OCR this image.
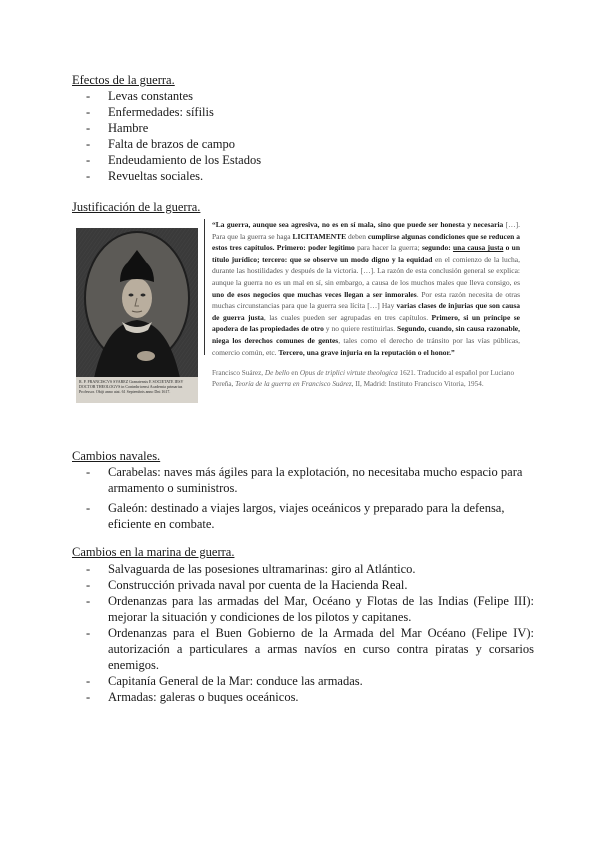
Efectos de la guerra.
- Levas constantes
- Enfermedades: sífilis
- Hambre
- Falta de brazos de campo
- Endeudamiento de los Estados
- Revueltas sociales.
Justificación de la guerra.
R. P. FRANCISCVS SVAREZ Granatensis E SOCIETATE IESV DOCTOR THEOLOGVS in Conimbricensi Academia primarius Professor. Obijt anno atat. 61 Septembris anno Dni 1617.
“La guerra, aunque sea agresiva, no es en sí mala, sino que puede ser honesta y necesaria […]. Para que la guerra se haga LICITAMENTE deben cumplirse algunas condiciones que se reducen a estos tres capítulos. Primero: poder legítimo para hacer la guerra; segundo: una causa justa o un título jurídico; tercero: que se observe un modo digno y la equidad en el comienzo de la lucha, durante las hostilidades y después de la victoria. […]. La razón de esta conclusión general se explica: aunque la guerra no es un mal en sí, sin embargo, a causa de los muchos males que lleva consigo, es uno de esos negocios que muchas veces llegan a ser inmorales. Por esta razón necesita de otras muchas circunstancias para que la guerra sea lícita […] Hay varias clases de injurias que son causa de guerra justa, las cuales pueden ser agrupadas en tres capítulos. Primero, si un príncipe se apodera de las propiedades de otro y no quiere restituirlas. Segundo, cuando, sin causa razonable, niega los derechos comunes de gentes, tales como el derecho de tránsito por las vías públicas, comercio común, etc. Tercero, una grave injuria en la reputación o el honor.”
Francisco Suárez, De bello en Opus de triplici virtute theologica 1621. Traducido al español por Luciano Pereña, Teoría de la guerra en Francisco Suárez, II, Madrid: Instituto Francisco Vitoria, 1954.
Cambios navales.
- Carabelas: naves más ágiles para la explotación, no necesitaba mucho espacio para armamento o suministros.
- Galeón: destinado a viajes largos, viajes oceánicos y preparado para la defensa, eficiente en combate.
Cambios en la marina de guerra.
- Salvaguarda de las posesiones ultramarinas: giro al Atlántico.
- Construcción privada naval por cuenta de la Hacienda Real.
- Ordenanzas para las armadas del Mar, Océano y Flotas de las Indias (Felipe III): mejorar la situación y condiciones de los pilotos y capitanes.
- Ordenanzas para el Buen Gobierno de la Armada del Mar Océano (Felipe IV): autorización a particulares a armas navíos en curso contra piratas y corsarios enemigos.
- Capitanía General de la Mar: conduce las armadas.
- Armadas: galeras o buques oceánicos.
